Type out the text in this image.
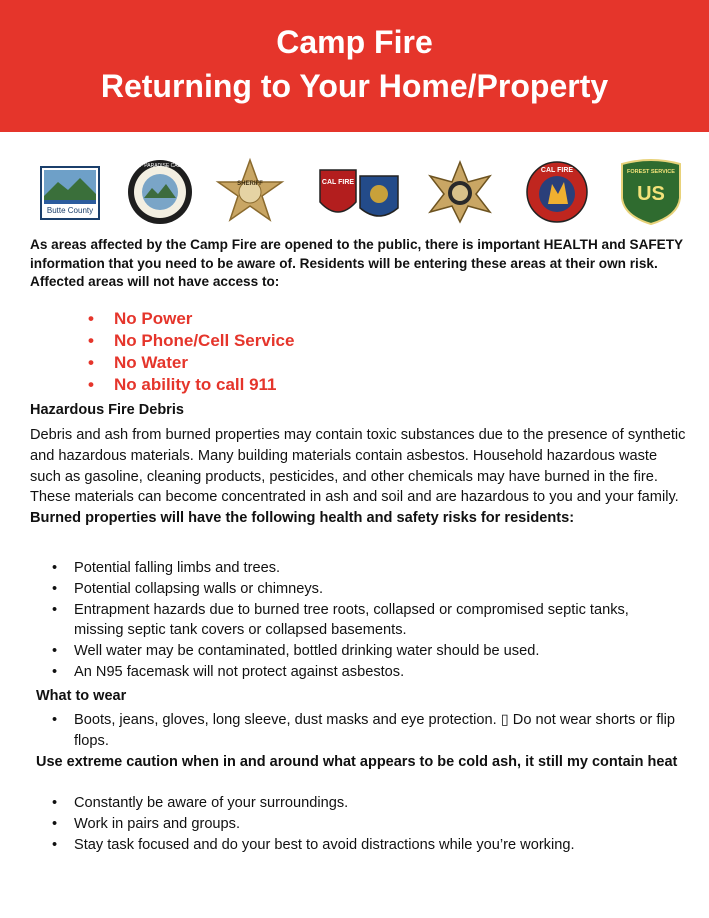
Camp Fire
Returning to Your Home/Property
Butte County
TOWN OF PARADISE CALIFORNIA
SHERIFF	CAL FIRE
CAL FIRE	FOREST SERVICE
US
As areas affected by the Camp Fire are opened to the public, there is important HEALTH and SAFETY information that you need to be aware of. Residents will be entering these areas at their own risk. Affected areas will not have access to:
• No Power
• No Phone/Cell Service
• No Water
• No ability to call 911
Hazardous Fire Debris
Debris and ash from burned properties may contain toxic substances due to the presence of synthetic and hazardous materials. Many building materials contain asbestos. Household hazardous waste such as gasoline, cleaning products, pesticides, and other chemicals may have burned in the fire. These materials can become concentrated in ash and soil and are hazardous to you and your family. Burned properties will have the following health and safety risks for residents:
• Potential falling limbs and trees.
• Potential collapsing walls or chimneys.
• Entrapment hazards due to burned tree roots, collapsed or compromised septic tanks, missing septic tank covers or collapsed basements.
• Well water may be contaminated, bottled drinking water should be used.
• An N95 facemask will not protect against asbestos.
What to wear
• Boots, jeans, gloves, long sleeve, dust masks and eye protection. ▯ Do not wear shorts or flip flops.
Use extreme caution when in and around what appears to be cold ash, it still my contain heat
• Constantly be aware of your surroundings.
• Work in pairs and groups.
• Stay task focused and do your best to avoid distractions while you’re working.
